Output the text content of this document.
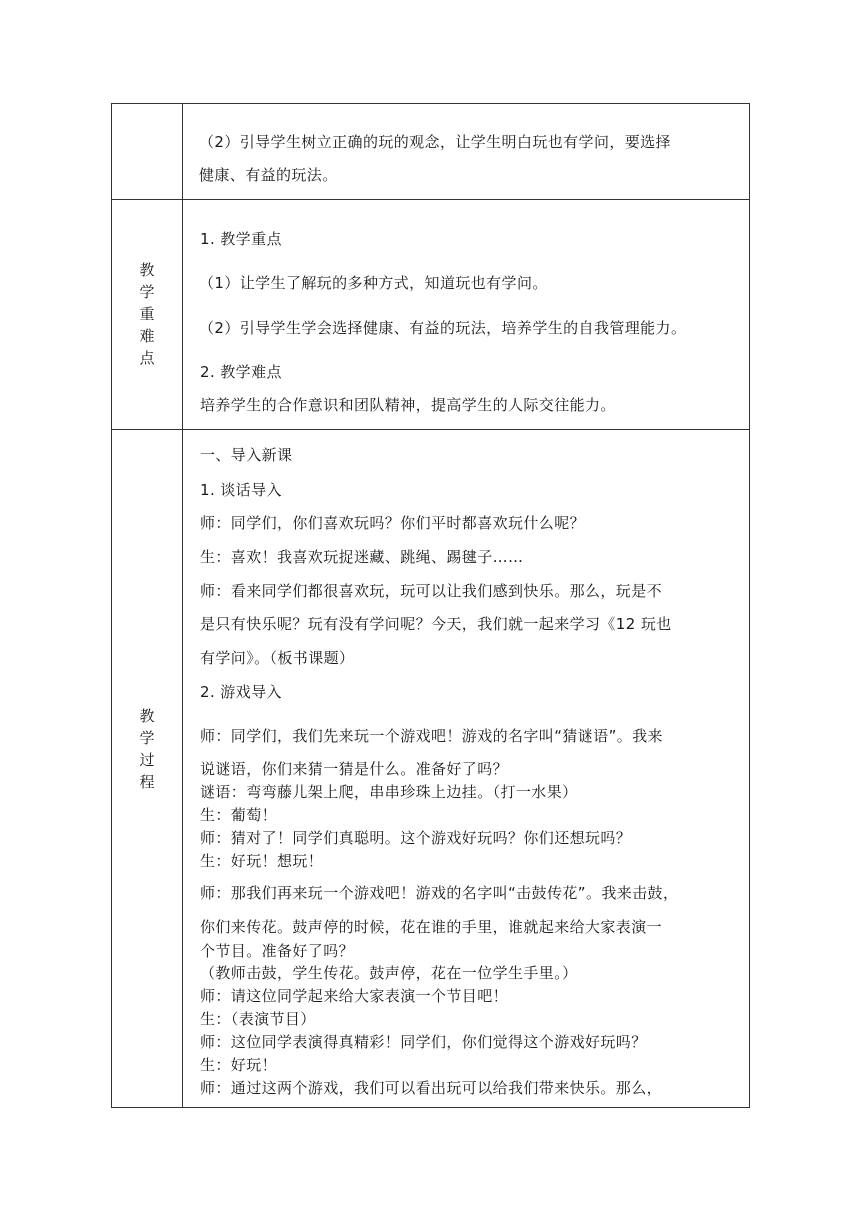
教
学
重
难
点
教
学
过
程
（2）引导学生树立正确的玩的观念，让学生明白玩也有学问，要选择
健康、有益的玩法。
1. 教学重点
（1）让学生了解玩的多种方式，知道玩也有学问。
（2）引导学生学会选择健康、有益的玩法，培养学生的自我管理能力。
2. 教学难点
培养学生的合作意识和团队精神，提高学生的人际交往能力。
一、导入新课
1. 谈话导入
师：同学们，你们喜欢玩吗？你们平时都喜欢玩什么呢？
生：喜欢！我喜欢玩捉迷藏、跳绳、踢毽子……
师：看来同学们都很喜欢玩，玩可以让我们感到快乐。那么，玩是不
是只有快乐呢？玩有没有学问呢？今天，我们就一起来学习《12 玩也
有学问》。（板书课题）
2. 游戏导入
师：同学们，我们先来玩一个游戏吧！游戏的名字叫“猜谜语”。我来
说谜语，你们来猜一猜是什么。准备好了吗？
谜语：弯弯藤儿架上爬，串串珍珠上边挂。（打一水果）
生：葡萄！
师：猜对了！同学们真聪明。这个游戏好玩吗？你们还想玩吗？
生：好玩！想玩！
师：那我们再来玩一个游戏吧！游戏的名字叫“击鼓传花”。我来击鼓，
你们来传花。鼓声停的时候，花在谁的手里，谁就起来给大家表演一
个节目。准备好了吗？
（教师击鼓，学生传花。鼓声停，花在一位学生手里。）
师：请这位同学起来给大家表演一个节目吧！
生：（表演节目）
师：这位同学表演得真精彩！同学们，你们觉得这个游戏好玩吗？
生：好玩！
师：通过这两个游戏，我们可以看出玩可以给我们带来快乐。那么，
